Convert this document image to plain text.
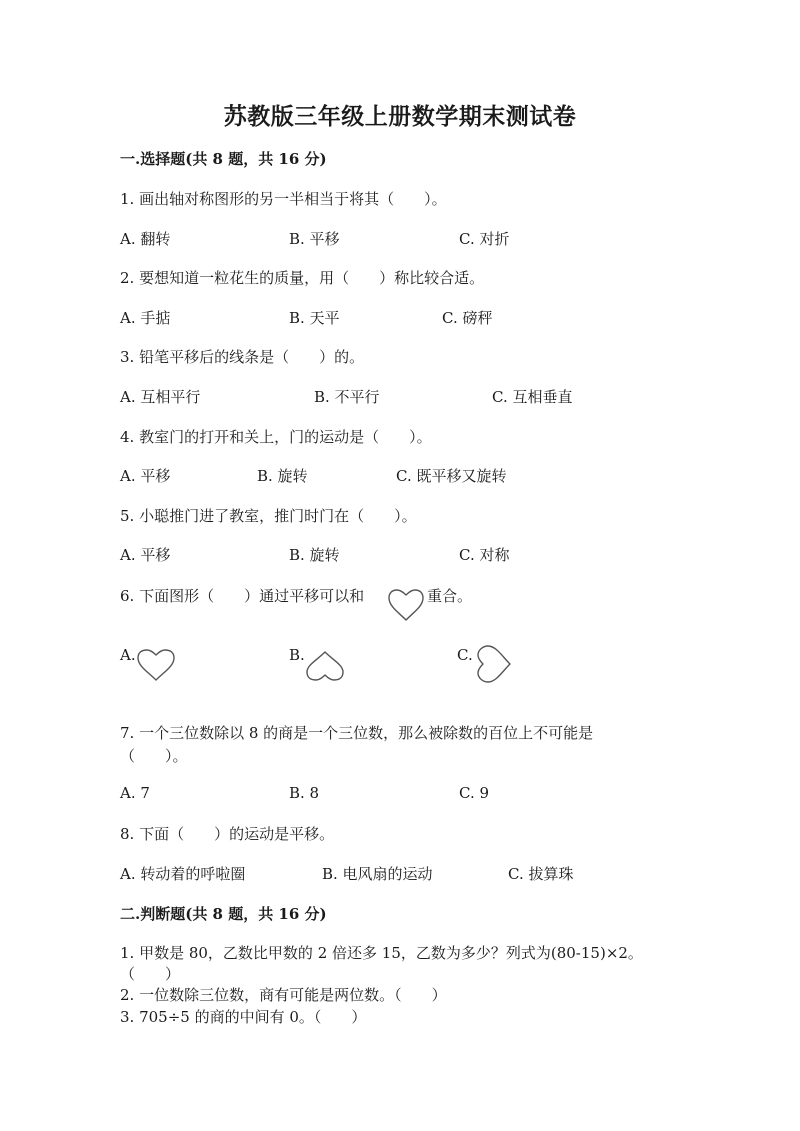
苏教版三年级上册数学期末测试卷
一.选择题(共 8 题，共 16 分)
1. 画出轴对称图形的另一半相当于将其（　　）。
A. 翻转	B. 平移	C. 对折
2. 要想知道一粒花生的质量，用（　　）称比较合适。
A. 手掂	B. 天平	C. 磅秤
3. 铅笔平移后的线条是（　　）的。
A. 互相平行	B. 不平行	C. 互相垂直
4. 教室门的打开和关上，门的运动是（　　）。
A. 平移	B. 旋转	C. 既平移又旋转
5. 小聪推门进了教室，推门时门在（　　）。
A. 平移	B. 旋转	C. 对称
6. 下面图形（　　）通过平移可以和	重合。
A.	B.	C.
7. 一个三位数除以 8 的商是一个三位数，那么被除数的百位上不可能是
（　　）。
A. 7	B. 8	C. 9
8. 下面（　　）的运动是平移。
A. 转动着的呼啦圈	B. 电风扇的运动	C. 拔算珠
二.判断题(共 8 题，共 16 分)
1. 甲数是 80，乙数比甲数的 2 倍还多 15，乙数为多少？列式为(80-15)×2。
（　　）
2. 一位数除三位数，商有可能是两位数。（　　）
3. 705÷5 的商的中间有 0。（　　）
